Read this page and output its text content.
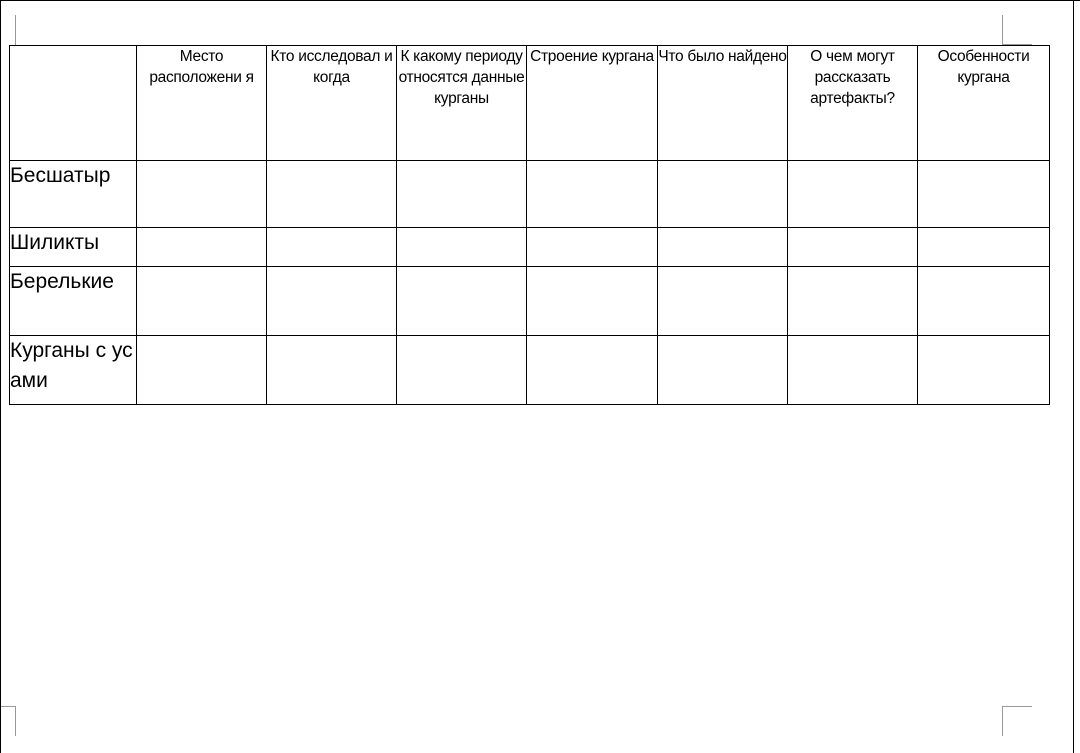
	Место расположени я	Кто исследовал и когда	К какому периоду относятся данные курганы	Строение кургана	Что было найдено	О чем могут рассказать артефакты?	Особенности кургана
Бесшатыр							
Шиликты							
Берелькие							
Курганы с усами							
